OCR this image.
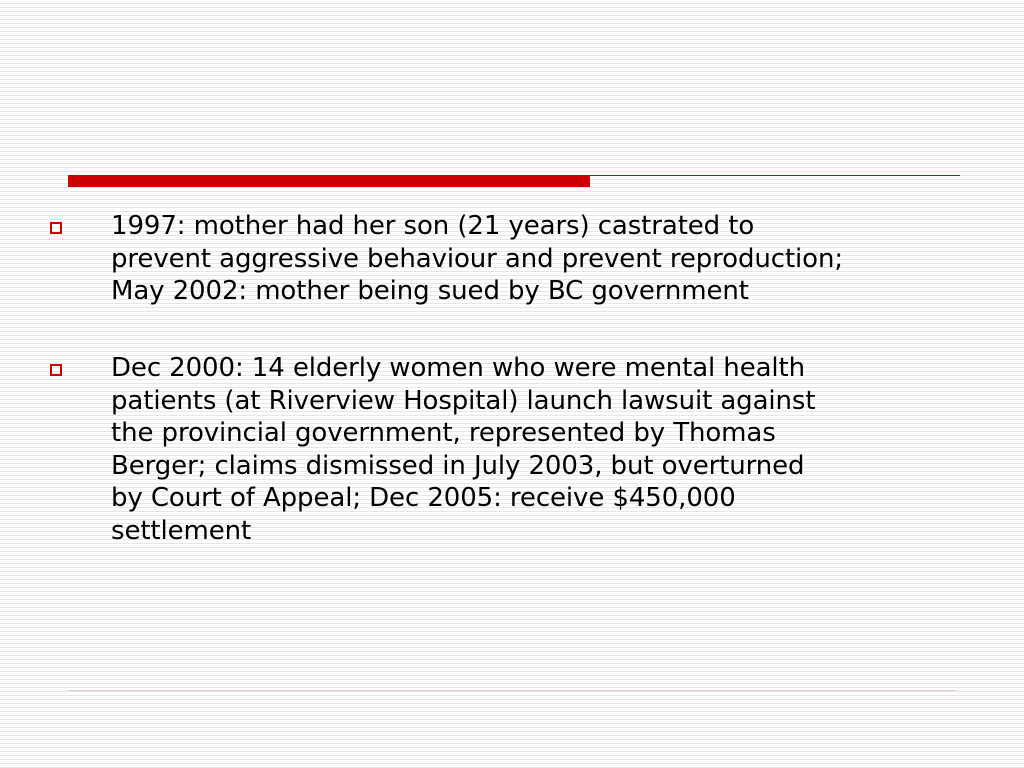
1997: mother had her son (21 years) castrated to
prevent aggressive behaviour and prevent reproduction;
May 2002: mother being sued by BC government

Dec 2000: 14 elderly women who were mental health
patients (at Riverview Hospital) launch lawsuit against
the provincial government, represented by Thomas
Berger; claims dismissed in July 2003, but overturned
by Court of Appeal; Dec 2005: receive $450,000
settlement
